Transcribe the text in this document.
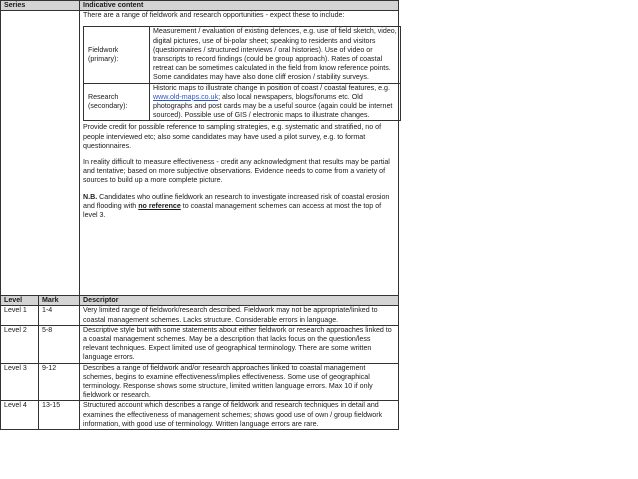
Series	Indicative content

There are a range of fieldwork and research opportunities - expect these to include:
Fieldwork
(primary):	Measurement / evaluation of existing defences, e.g. use of field sketch, video, digital pictures, use of bi-polar sheet; speaking to residents and visitors (questionnaires / structured interviews / oral histories). Use of video or transcripts to record findings (could be group approach). Rates of coastal retreat can be sometimes calculated in the field from know reference points. Some candidates may have also done cliff erosion / stability surveys.
Research
(secondary):	Historic maps to illustrate change in position of coast / coastal features, e.g. www.old-maps.co.uk; also local newspapers, blogs/forums etc. Old photographs and post cards may be a useful source (again could be internet sourced). Possible use of GIS / electronic maps to illustrate changes.
Provide credit for possible reference to sampling strategies, e.g. systematic and stratified, no of people interviewed etc; also some candidates may have used a pilot survey, e.g. to format questionnaires.
In reality difficult to measure effectiveness - credit any acknowledgment that results may be partial and tentative; based on more subjective observations. Evidence needs to come from a variety of sources to build up a more complete picture.
N.B. Candidates who outline fieldwork an research to investigate increased risk of coastal erosion and flooding with no reference to coastal management schemes can access at most the top of level 3.

Level	Mark	Descriptor
Level 1	1-4	Very limited range of fieldwork/research described. Fieldwork may not be appropriate/linked to coastal management schemes. Lacks structure. Considerable errors in language.
Level 2	5-8	Descriptive style but with some statements about either fieldwork or research approaches linked to a coastal management schemes. May be a description that lacks focus on the question/less relevant techniques. Expect limited use of geographical terminology. There are some written language errors.
Level 3	9-12	Describes a range of fieldwork and/or research approaches linked to coastal management schemes, begins to examine effectiveness/implies effectiveness. Some use of geographical terminology. Response shows some structure, limited written language errors. Max 10 if only fieldwork or research.
Level 4	13-15	Structured account which describes a range of fieldwork and research techniques in detail and examines the effectiveness of management schemes; shows good use of own / group fieldwork information, with good use of terminology. Written language errors are rare.
